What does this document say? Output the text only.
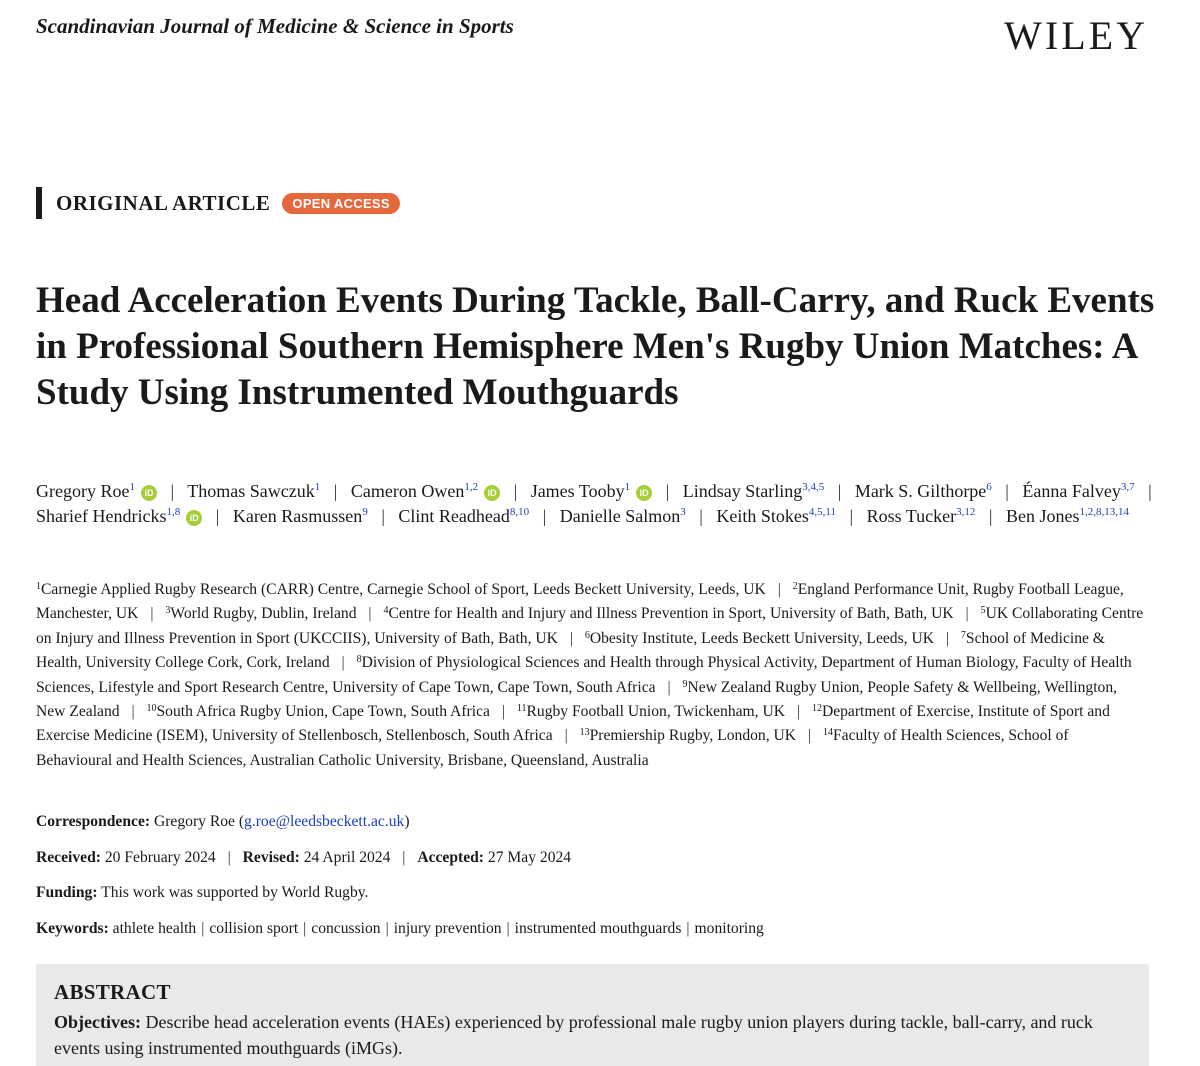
Scandinavian Journal of Medicine & Science in Sports	WILEY
ORIGINAL ARTICLE	OPEN ACCESS
Head Acceleration Events During Tackle, Ball-Carry, and Ruck Events in Professional Southern Hemisphere Men's Rugby Union Matches: A Study Using Instrumented Mouthguards
Gregory Roe$^1$ iD | Thomas Sawczuk$^1$ | Cameron Owen$^{1,2}$ iD | James Tooby$^1$ iD | Lindsay Starling$^{3,4,5}$ | Mark S. Gilthorpe$^6$ | Éanna Falvey$^{3,7}$ | Sharief Hendricks$^{1,8}$ iD | Karen Rasmussen$^9$ | Clint Readhead$^{8,10}$ | Danielle Salmon$^3$ | Keith Stokes$^{4,5,11}$ | Ross Tucker$^{3,12}$ | Ben Jones$^{1,2,8,13,14}$
$^1$Carnegie Applied Rugby Research (CARR) Centre, Carnegie School of Sport, Leeds Beckett University, Leeds, UK | $^2$England Performance Unit, Rugby Football League, Manchester, UK | $^3$World Rugby, Dublin, Ireland | $^4$Centre for Health and Injury and Illness Prevention in Sport, University of Bath, Bath, UK | $^5$UK Collaborating Centre on Injury and Illness Prevention in Sport (UKCCIIS), University of Bath, Bath, UK | $^6$Obesity Institute, Leeds Beckett University, Leeds, UK | $^7$School of Medicine & Health, University College Cork, Cork, Ireland | $^8$Division of Physiological Sciences and Health through Physical Activity, Department of Human Biology, Faculty of Health Sciences, Lifestyle and Sport Research Centre, University of Cape Town, Cape Town, South Africa | $^9$New Zealand Rugby Union, People Safety & Wellbeing, Wellington, New Zealand | $^{10}$South Africa Rugby Union, Cape Town, South Africa | $^{11}$Rugby Football Union, Twickenham, UK | $^{12}$Department of Exercise, Institute of Sport and Exercise Medicine (ISEM), University of Stellenbosch, Stellenbosch, South Africa | $^{13}$Premiership Rugby, London, UK | $^{14}$Faculty of Health Sciences, School of Behavioural and Health Sciences, Australian Catholic University, Brisbane, Queensland, Australia
Correspondence: Gregory Roe (g.roe@leedsbeckett.ac.uk)
Received: 20 February 2024 | Revised: 24 April 2024 | Accepted: 27 May 2024
Funding: This work was supported by World Rugby.
Keywords: athlete health | collision sport | concussion | injury prevention | instrumented mouthguards | monitoring
ABSTRACT
Objectives: Describe head acceleration events (HAEs) experienced by professional male rugby union players during tackle, ball-carry, and ruck events using instrumented mouthguards (iMGs).
